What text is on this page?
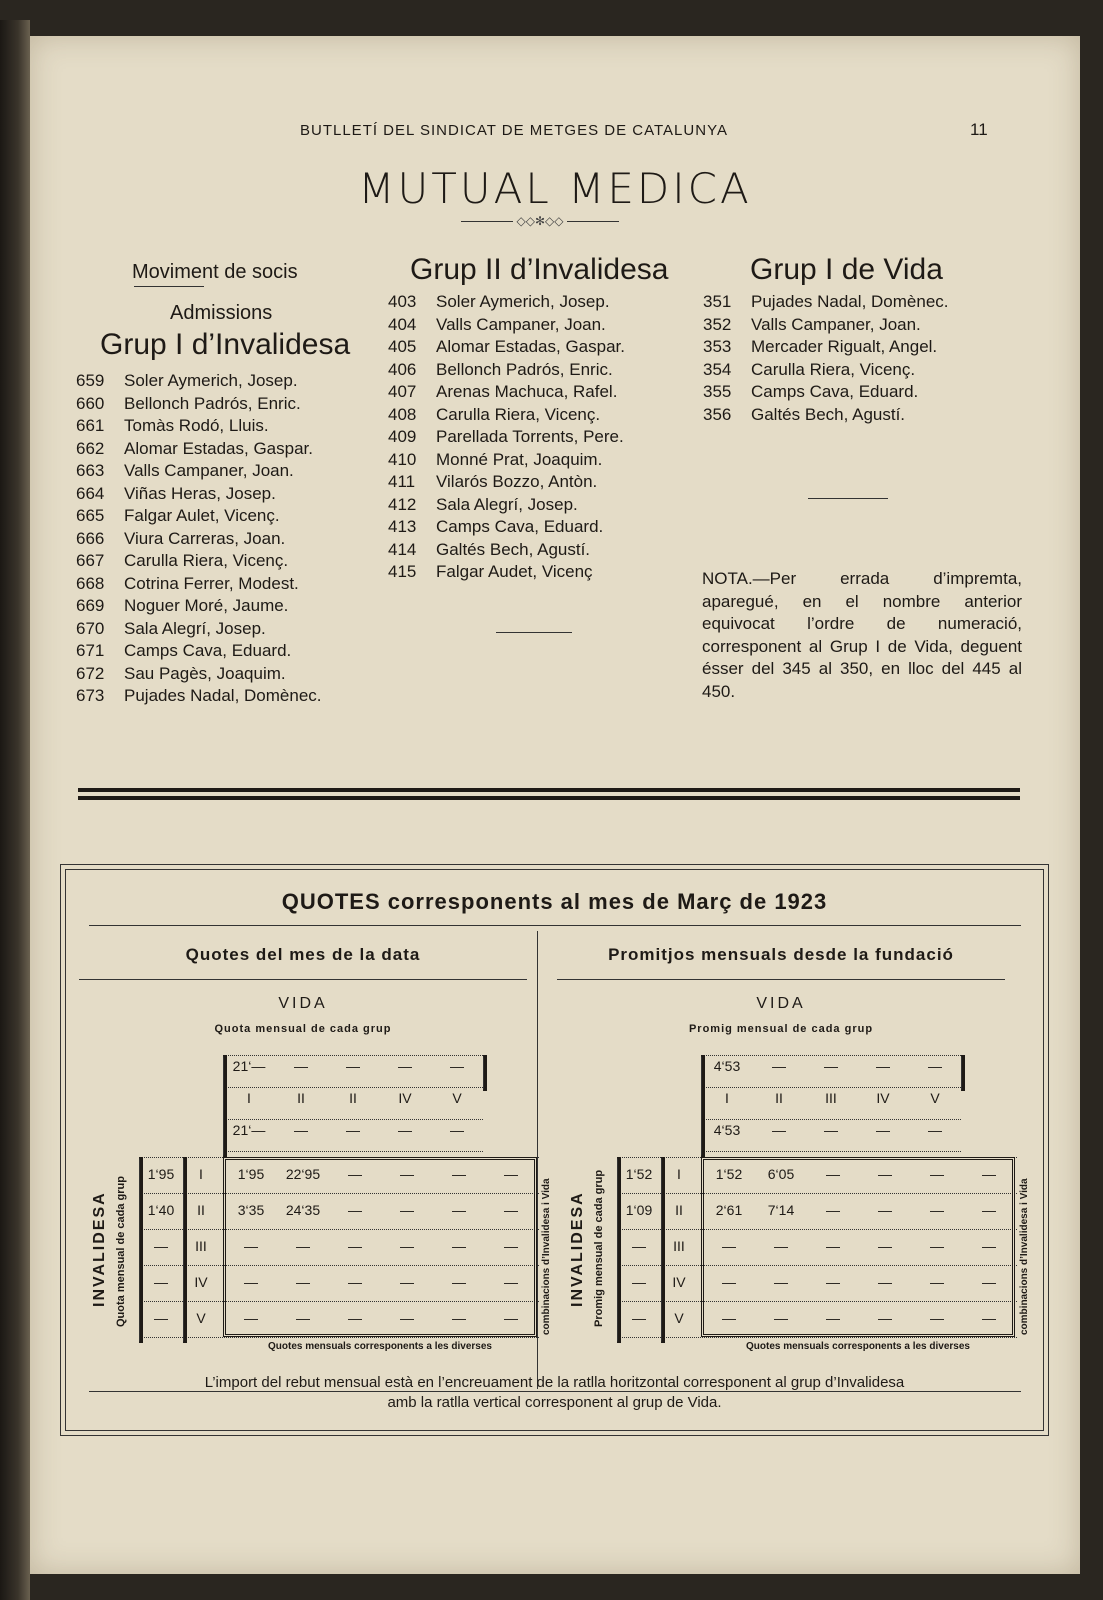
BUTLLETÍ DEL SINDICAT DE METGES DE CATALUNYA	11
MUTUAL MEDICA
◇◇✻◇◇
Moviment de socis
Admissions
Grup I d’Invalidesa
659 Soler Aymerich, Josep.
660 Bellonch Padrós, Enric.
661 Tomàs Rodó, Lluis.
662 Alomar Estadas, Gaspar.
663 Valls Campaner, Joan.
664 Viñas Heras, Josep.
665 Falgar Aulet, Vicenç.
666 Viura Carreras, Joan.
667 Carulla Riera, Vicenç.
668 Cotrina Ferrer, Modest.
669 Noguer Moré, Jaume.
670 Sala Alegrí, Josep.
671 Camps Cava, Eduard.
672 Sau Pagès, Joaquim.
673 Pujades Nadal, Domènec.
Grup II d’Invalidesa
403 Soler Aymerich, Josep.
404 Valls Campaner, Joan.
405 Alomar Estadas, Gaspar.
406 Bellonch Padrós, Enric.
407 Arenas Machuca, Rafel.
408 Carulla Riera, Vicenç.
409 Parellada Torrents, Pere.
410 Monné Prat, Joaquim.
411 Vilarós Bozzo, Antòn.
412 Sala Alegrí, Josep.
413 Camps Cava, Eduard.
414 Galtés Bech, Agustí.
415 Falgar Audet, Vicenç
Grup I de Vida
351 Pujades Nadal, Domènec.
352 Valls Campaner, Joan.
353 Mercader Rigualt, Angel.
354 Carulla Riera, Vicenç.
355 Camps Cava, Eduard.
356 Galtés Bech, Agustí.
NOTA.—Per errada d’impremta, aparegué, en el nombre anterior equivocat l’ordre de numeració, corresponent al Grup I de Vida, deguent ésser del 345 al 350, en lloc del 445 al 450.
QUOTES corresponents al mes de Març de 1923
Quotes del mes de la data
VIDA
Quota mensual de cada grup
21‘—	—	—	—	—
I	II	II	IV	V
21‘—	—	—	—	—
1‘95	I	1‘95	22‘95	—	—	—	—
1‘40	II	3‘35	24‘35	—	—	—	—
—	III	—	—	—	—	—	—
—	IV	—	—	—	—	—	—
—	V	—	—	—	—	—	—
INVALIDESA Quota mensual de cada grup	combinacions d’Invalidesa i Vida
Quotes mensuals corresponents a les diverses
Promitjos mensuals desde la fundació
VIDA
Promig mensual de cada grup
4‘53	—	—	—	—
I	II	III	IV	V
4‘53	—	—	—	—
1‘52	I	1‘52	6‘05	—	—	—	—
1‘09	II	2‘61	7‘14	—	—	—	—
—	III	—	—	—	—	—	—
—	IV	—	—	—	—	—	—
—	V	—	—	—	—	—	—
INVALIDESA Promig mensual de cada grup	combinacions d’Invalidesa i Vida
Quotes mensuals corresponents a les diverses
L’import del rebut mensual està en l’encreuament de la ratlla horitzontal corresponent al grup d’Invalidesa
amb la ratlla vertical corresponent al grup de Vida.
